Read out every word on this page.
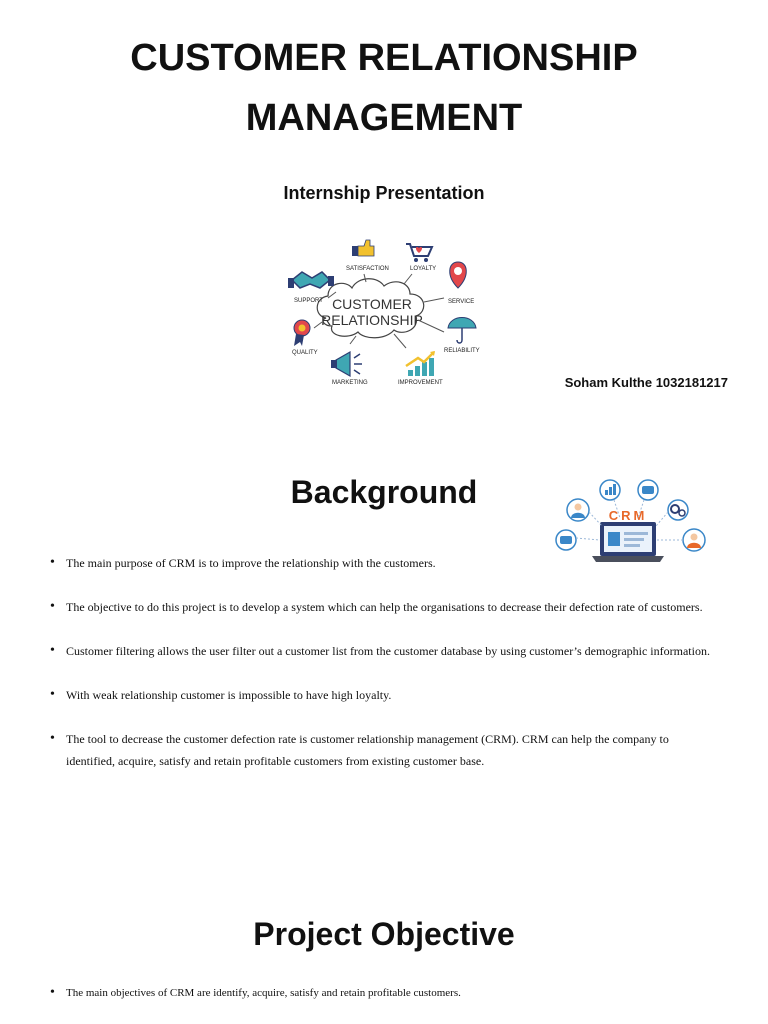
CUSTOMER RELATIONSHIP
MANAGEMENT
Internship Presentation
CUSTOMER
RELATIONSHIP
SATISFACTION	LOYALTY
SUPPORT	SERVICE
QUALITY	RELIABILITY
MARKETING	IMPROVEMENT	Soham Kulthe 1032181217
Background
CRM
• The main purpose of CRM is to improve the relationship with the customers.
• The objective to do this project is to develop a system which can help the organisations to decrease their defection rate of customers.
• Customer filtering allows the user filter out a customer list from the customer database by using customer’s demographic information.
• With weak relationship customer is impossible to have high loyalty.
• The tool to decrease the customer defection rate is customer relationship management (CRM). CRM can help the company to identified, acquire, satisfy and retain profitable customers from existing customer base.
Project Objective
• The main objectives of CRM are identify, acquire, satisfy and retain profitable customers.
